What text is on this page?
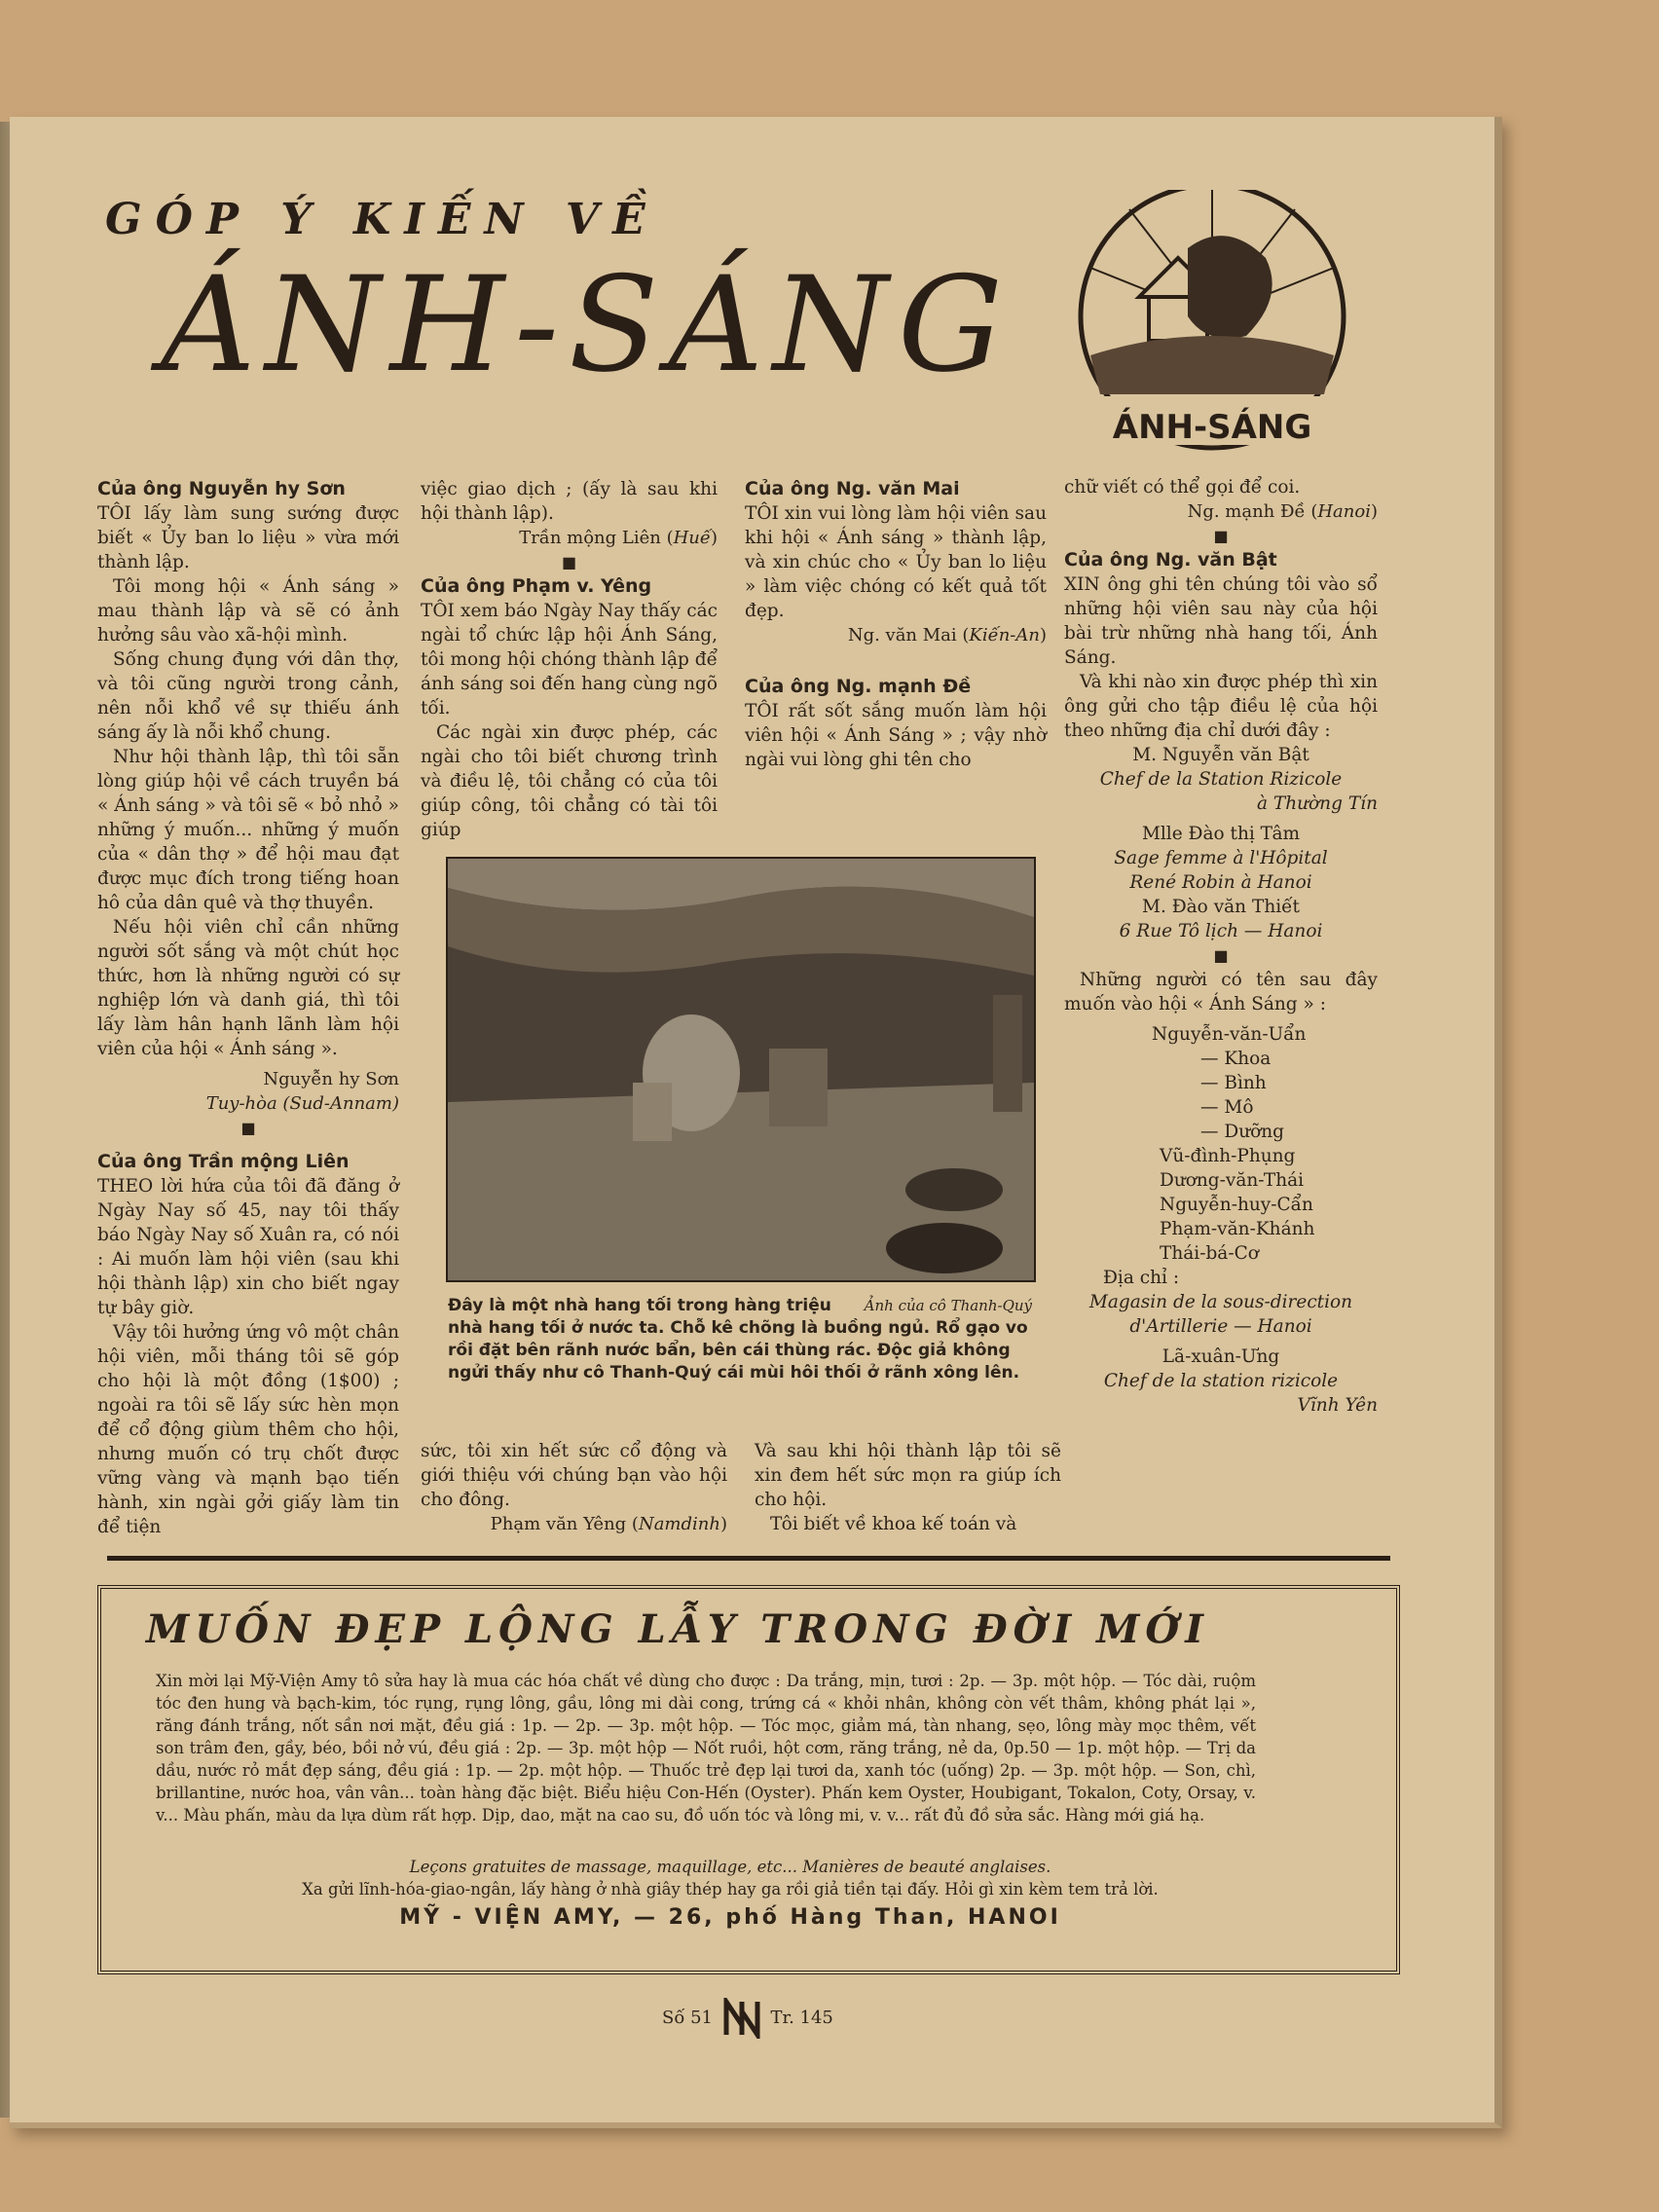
GÓP Ý KIẾN VỀ
ÁNH-SÁNG
ÁNH-SÁNG

Của ông Nguyễn hy Sơn

TÔI lấy làm sung sướng được biết « Ủy ban lo liệu » vừa mới thành lập.

Tôi mong hội « Ánh sáng » mau thành lập và sẽ có ảnh hưởng sâu vào xã-hội mình.

Sống chung đụng với dân thợ, và tôi cũng người trong cảnh, nên nỗi khổ về sự thiếu ánh sáng ấy là nỗi khổ chung.

Như hội thành lập, thì tôi sẵn lòng giúp hội về cách truyền bá « Ánh sáng » và tôi sẽ « bỏ nhỏ » những ý muốn... những ý muốn của « dân thợ » để hội mau đạt được mục đích trong tiếng hoan hô của dân quê và thợ thuyền.

Nếu hội viên chỉ cần những người sốt sắng và một chút học thức, hơn là những người có sự nghiệp lớn và danh giá, thì tôi lấy làm hân hạnh lãnh làm hội viên của hội « Ánh sáng ».

Nguyễn hy Sơn

Tuy-hòa (Sud-Annam)

■

Của ông Trần mộng Liên

THEO lời hứa của tôi đã đăng ở Ngày Nay số 45, nay tôi thấy báo Ngày Nay số Xuân ra, có nói : Ai muốn làm hội viên (sau khi hội thành lập) xin cho biết ngay tự bây giờ.

Vậy tôi hưởng ứng vô một chân hội viên, mỗi tháng tôi sẽ góp cho hội là một đồng (1$00) ; ngoài ra tôi sẽ lấy sức hèn mọn để cổ động giùm thêm cho hội, nhưng muốn có trụ chốt được vững vàng và mạnh bạo tiến hành, xin ngài gởi giấy làm tin để tiện

việc giao dịch ; (ấy là sau khi hội thành lập).

Trần mộng Liên (Huế)

■

Của ông Phạm v. Yêng

TÔI xem báo Ngày Nay thấy các ngài tổ chức lập hội Ánh Sáng, tôi mong hội chóng thành lập để ánh sáng soi đến hang cùng ngõ tối.

Các ngài xin được phép, các ngài cho tôi biết chương trình và điều lệ, tôi chẳng có của tôi giúp công, tôi chẳng có tài tôi giúp

sức, tôi xin hết sức cổ động và giới thiệu với chúng bạn vào hội cho đông.

Phạm văn Yêng (Namdinh)

Của ông Ng. văn Mai

TÔI xin vui lòng làm hội viên sau khi hội « Ánh sáng » thành lập, và xin chúc cho « Ủy ban lo liệu » làm việc chóng có kết quả tốt đẹp.

Ng. văn Mai (Kiến-An)

Của ông Ng. mạnh Đề

TÔI rất sốt sắng muốn làm hội viên hội « Ánh Sáng » ; vậy nhờ ngài vui lòng ghi tên cho

Và sau khi hội thành lập tôi sẽ xin đem hết sức mọn ra giúp ích cho hội.

Tôi biết về khoa kế toán và

chữ viết có thể gọi để coi.

Ng. mạnh Đề (Hanoi)

■

Của ông Ng. văn Bật

XIN ông ghi tên chúng tôi vào sổ những hội viên sau này của hội bài trừ những nhà hang tối, Ánh Sáng.

Và khi nào xin được phép thì xin ông gửi cho tập điều lệ của hội theo những địa chỉ dưới đây :

M. Nguyễn văn Bật

Chef de la Station Rizicole

à Thường Tín

Mlle Đào thị Tâm

Sage femme à l'Hôpital

René Robin à Hanoi

M. Đào văn Thiết

6 Rue Tô lịch — Hanoi

■

Những người có tên sau đây muốn vào hội « Ánh Sáng » :

Nguyễn-văn-Uẩn

— Khoa

— Bình

— Mô

— Dưỡng

Vũ-đình-Phụng

Dương-văn-Thái

Nguyễn-huy-Cẩn

Phạm-văn-Khánh

Thái-bá-Cơ

Địa chỉ :

Magasin de la sous-direction

d'Artillerie — Hanoi

Lã-xuân-Ưng

Chef de la station rizicole

Vĩnh Yên

Ảnh của cô Thanh-Quý
Đây là một nhà hang tối trong hàng triệu nhà hang tối ở nước ta. Chỗ kê chõng là buồng ngủ. Rổ gạo vo rồi đặt bên rãnh nước bẩn, bên cái thùng rác. Độc giả không ngửi thấy như cô Thanh-Quý cái mùi hôi thối ở rãnh xông lên.
MUỐN ĐẸP LỘNG LẪY TRONG ĐỜI MỚI
Xin mời lại Mỹ-Viện Amy tô sửa hay là mua các hóa chất về dùng cho được : Da trắng, mịn, tươi : 2p. — 3p. một hộp. — Tóc dài, ruộm tóc đen hung và bạch-kim, tóc rụng, rụng lông, gầu, lông mi dài cong, trứng cá « khỏi nhân, không còn vết thâm, không phát lại », răng đánh trắng, nốt sần nơi mặt, đều giá : 1p. — 2p. — 3p. một hộp. — Tóc mọc, giảm má, tàn nhang, sẹo, lông mày mọc thêm, vết son trâm đen, gầy, béo, bồi nở vú, đều giá : 2p. — 3p. một hộp — Nốt ruồi, hột cơm, răng trắng, nẻ da, 0p.50 — 1p. một hộp. — Trị da dầu, nước rỏ mắt đẹp sáng, đều giá : 1p. — 2p. một hộp. — Thuốc trẻ đẹp lại tươi da, xanh tóc (uống) 2p. — 3p. một hộp. — Son, chì, brillantine, nước hoa, vân vân... toàn hàng đặc biệt. Biểu hiệu Con-Hến (Oyster). Phấn kem Oyster, Houbigant, Tokalon, Coty, Orsay, v. v... Màu phấn, màu da lựa dùm rất hợp. Dịp, dao, mặt na cao su, đồ uốn tóc và lông mi, v. v... rất đủ đồ sửa sắc. Hàng mới giá hạ.
Leçons gratuites de massage, maquillage, etc... Manières de beauté anglaises.
Xa gửi lĩnh-hóa-giao-ngân, lấy hàng ở nhà giây thép hay ga rồi giả tiền tại đấy. Hỏi gì xin kèm tem trả lời.
MỸ - VIỆN AMY, — 26, phố Hàng Than, HANOI
Số 51	Tr. 145
